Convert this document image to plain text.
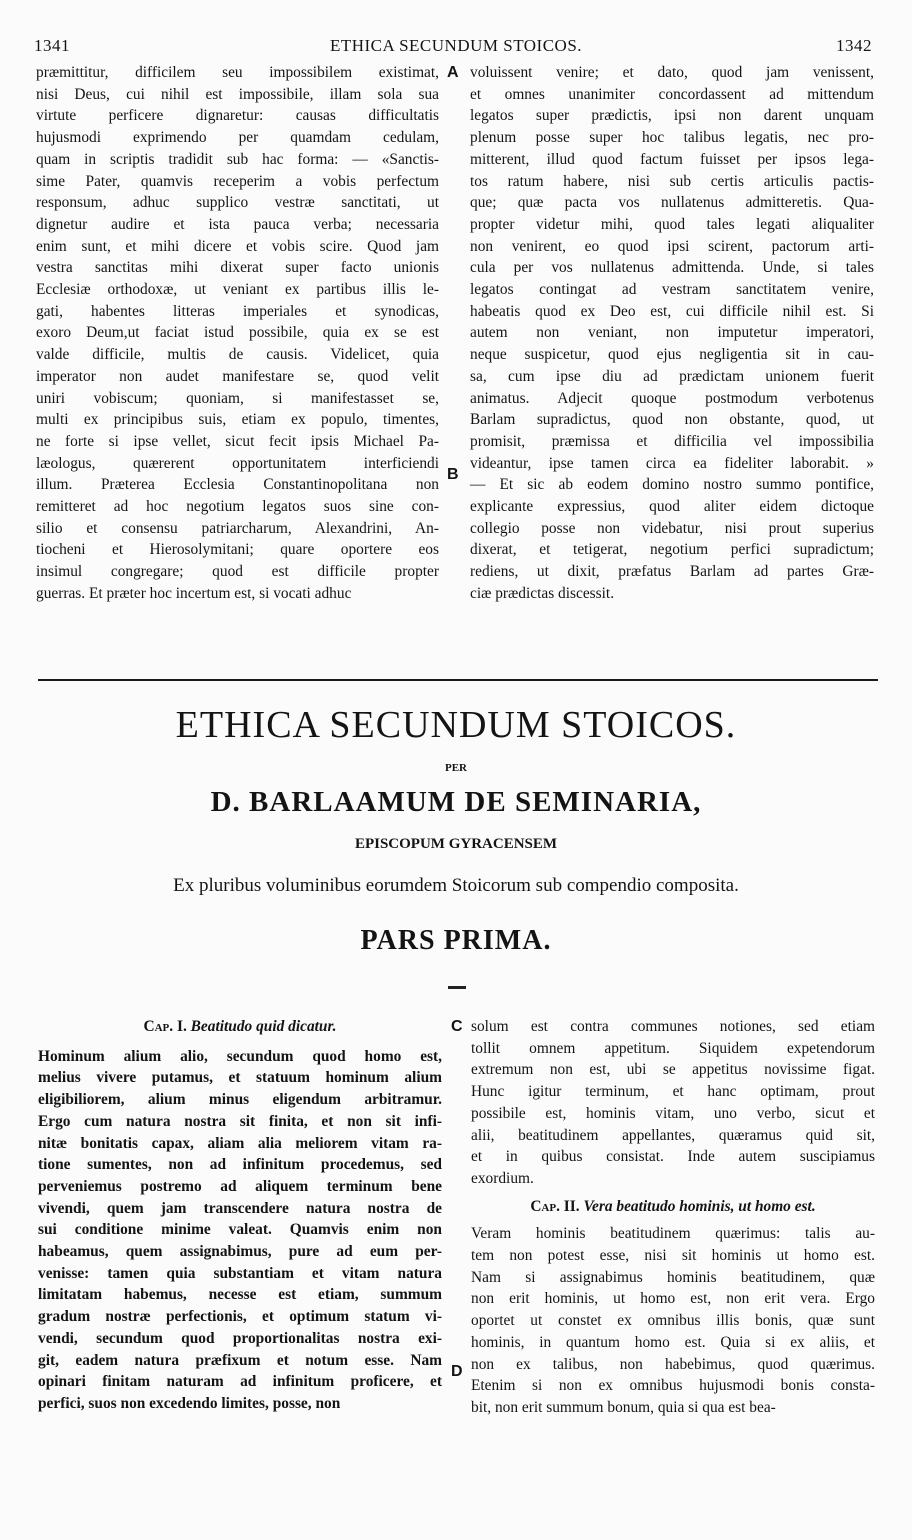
1341	ETHICA SECUNDUM STOICOS.	1342
præmittitur, difficilem seu impossibilem existimat,
nisi Deus, cui nihil est impossibile, illam sola sua
virtute perficere dignaretur: causas difficultatis
hujusmodi exprimendo per quamdam cedulam,
quam in scriptis tradidit sub hac forma: — «Sanctis-
sime Pater, quamvis receperim a vobis perfectum
responsum, adhuc supplico vestræ sanctitati, ut
dignetur audire et ista pauca verba; necessaria
enim sunt, et mihi dicere et vobis scire. Quod jam
vestra sanctitas mihi dixerat super facto unionis
Ecclesiæ orthodoxæ, ut veniant ex partibus illis le-
gati, habentes litteras imperiales et synodicas,
exoro Deum,ut faciat istud possibile, quia ex se est
valde difficile, multis de causis. Videlicet, quia
imperator non audet manifestare se, quod velit
uniri vobiscum; quoniam, si manifestasset se,
multi ex principibus suis, etiam ex populo, timentes,
ne forte si ipse vellet, sicut fecit ipsis Michael Pa-
læologus, quærerent opportunitatem interficiendi
illum. Præterea Ecclesia Constantinopolitana non
remitteret ad hoc negotium legatos suos sine con-
silio et consensu patriarcharum, Alexandrini, An-
tiocheni et Hierosolymitani; quare oportere eos
insimul congregare; quod est difficile propter
guerras. Et præter hoc incertum est, si vocati adhuc
voluissent venire; et dato, quod jam venissent,
et omnes unanimiter concordassent ad mittendum
legatos super prædictis, ipsi non darent unquam
plenum posse super hoc talibus legatis, nec pro-
mitterent, illud quod factum fuisset per ipsos lega-
tos ratum habere, nisi sub certis articulis pactis-
que; quæ pacta vos nullatenus admitteretis. Qua-
propter videtur mihi, quod tales legati aliqualiter
non venirent, eo quod ipsi scirent, pactorum arti-
cula per vos nullatenus admittenda. Unde, si tales
legatos contingat ad vestram sanctitatem venire,
habeatis quod ex Deo est, cui difficile nihil est. Si
autem non veniant, non imputetur imperatori,
neque suspicetur, quod ejus negligentia sit in cau-
sa, cum ipse diu ad prædictam unionem fuerit
animatus. Adjecit quoque postmodum verbotenus
Barlam supradictus, quod non obstante, quod, ut
promisit, præmissa et difficilia vel impossibilia
videantur, ipse tamen circa ea fideliter laborabit. »
— Et sic ab eodem domino nostro summo pontifice,
explicante expressius, quod aliter eidem dictoque
collegio posse non videbatur, nisi prout superius
dixerat, et tetigerat, negotium perfici supradictum;
rediens, ut dixit, præfatus Barlam ad partes Græ-
ciæ prædictas discessit.
A
B
C
D
ETHICA SECUNDUM STOICOS.
PER
D. BARLAAMUM DE SEMINARIA,
EPISCOPUM GYRACENSEM
Ex pluribus voluminibus eorumdem Stoicorum sub compendio composita.
PARS PRIMA.
Cap. I. Beatitudo quid dicatur.
Hominum alium alio, secundum quod homo est,
melius vivere putamus, et statuum hominum alium
eligibiliorem, alium minus eligendum arbitramur.
Ergo cum natura nostra sit finita, et non sit infi-
nitæ bonitatis capax, aliam alia meliorem vitam ra-
tione sumentes, non ad infinitum procedemus, sed
perveniemus postremo ad aliquem terminum bene
vivendi, quem jam transcendere natura nostra de
sui conditione minime valeat. Quamvis enim non
habeamus, quem assignabimus, pure ad eum per-
venisse: tamen quia substantiam et vitam natura
limitatam habemus, necesse est etiam, summum
gradum nostræ perfectionis, et optimum statum vi-
vendi, secundum quod proportionalitas nostra exi-
git, eadem natura præfixum et notum esse. Nam
opinari finitam naturam ad infinitum proficere, et
perfici, suos non excedendo limites, posse, non
solum est contra communes notiones, sed etiam
tollit omnem appetitum. Siquidem expetendorum
extremum non est, ubi se appetitus novissime figat.
Hunc igitur terminum, et hanc optimam, prout
possibile est, hominis vitam, uno verbo, sicut et
alii, beatitudinem appellantes, quæramus quid sit,
et in quibus consistat. Inde autem suscipiamus
exordium.
Cap. II. Vera beatitudo hominis, ut homo est.
Veram hominis beatitudinem quærimus: talis au-
tem non potest esse, nisi sit hominis ut homo est.
Nam si assignabimus hominis beatitudinem, quæ
non erit hominis, ut homo est, non erit vera. Ergo
oportet ut constet ex omnibus illis bonis, quæ sunt
hominis, in quantum homo est. Quia si ex aliis, et
non ex talibus, non habebimus, quod quærimus.
Etenim si non ex omnibus hujusmodi bonis consta-
bit, non erit summum bonum, quia si qua est bea-
